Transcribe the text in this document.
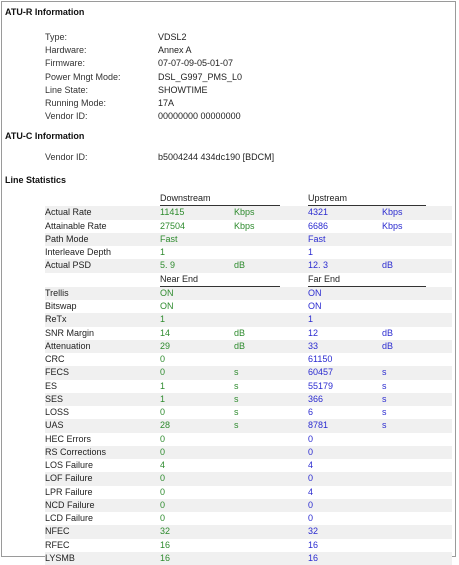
ATU-R Information
Type:	VDSL2
Hardware:	Annex A
Firmware:	07-07-09-05-01-07
Power Mngt Mode:	DSL_G997_PMS_L0
Line State:	SHOWTIME
Running Mode:	17A
Vendor ID:	00000000 00000000
ATU-C Information
Vendor ID:	b5004244 434dc190 [BDCM]
Line Statistics
	Downstream		Upstream	
Actual Rate	11415	Kbps	4321	Kbps
Attainable Rate	27504	Kbps	6686	Kbps
Path Mode	Fast		Fast	
Interleave Depth	1		1	
Actual PSD	5. 9	dB	12. 3	dB
	Near End		Far End	
Trellis	ON		ON	
Bitswap	ON		ON	
ReTx	1		1	
SNR Margin	14	dB	12	dB
Attenuation	29	dB	33	dB
CRC	0		61150	
FECS	0	s	60457	s
ES	1	s	55179	s
SES	1	s	366	s
LOSS	0	s	6	s
UAS	28	s	8781	s
HEC Errors	0		0	
RS Corrections	0		0	
LOS Failure	4		4	
LOF Failure	0		0	
LPR Failure	0		4	
NCD Failure	0		0	
LCD Failure	0		0	
NFEC	32		32	
RFEC	16		16	
LYSMB	16		16	
